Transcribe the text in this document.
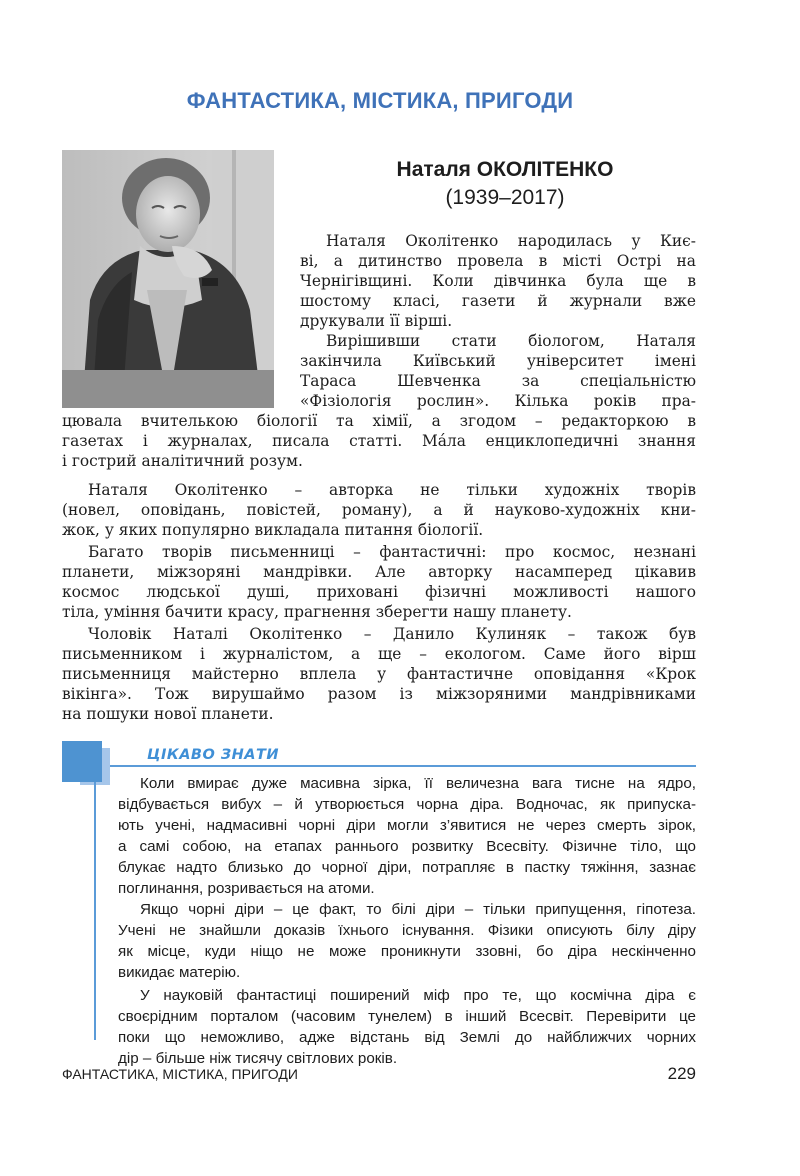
ФАНТАСТИКА, МІСТИКА, ПРИГОДИ
Наталя ОКОЛІТЕНКО
(1939–2017)
Наталя Околітенко народилась у Киє-
ві, а дитинство провела в місті Острі на
Чернігівщині. Коли дівчинка була ще в
шостому класі, газети й журнали вже
друкували її вірші.
Вирішивши стати біологом, Наталя
закінчила Київський університет імені
Тараса Шевченка за спеціальністю
«Фізіологія рослин». Кілька років пра-
цювала вчителькою біології та хімії, а згодом – редакторкою в
газетах і журналах, писала статті. Ма́ла енциклопедичні знання
і гострий аналітичний розум.
Наталя Околітенко – авторка не тільки художніх творів
(новел, оповідань, повістей, роману), а й науково-художніх кни-
жок, у яких популярно викладала питання біології.
Багато творів письменниці – фантастичні: про космос, незнані
планети, міжзоряні мандрівки. Але авторку насамперед цікавив
космос людської душі, приховані фізичні можливості нашого
тіла, уміння бачити красу, прагнення зберегти нашу планету.
Чоловік Наталі Околітенко – Данило Кулиняк – також був
письменником і журналістом, а ще – екологом. Саме його вірш
письменниця майстерно вплела у фантастичне оповідання «Крок
вікінга». Тож вирушаймо разом із міжзоряними мандрівниками
на пошуки нової планети.
ЦІКАВО ЗНАТИ
Коли вмирає дуже масивна зірка, її величезна вага тисне на ядро,
відбувається вибух – й утворюється чорна діра. Водночас, як припуска-
ють учені, надмасивні чорні діри могли з’явитися не через смерть зірок,
а самі собою, на етапах раннього розвитку Всесвіту. Фізичне тіло, що
блукає надто близько до чорної діри, потрапляє в пастку тяжіння, зазнає
поглинання, розривається на атоми.
Якщо чорні діри – це факт, то білі діри – тільки припущення, гіпотеза.
Учені не знайшли доказів їхнього існування. Фізики описують білу діру
як місце, куди ніщо не може проникнути ззовні, бо діра нескінченно
викидає матерію.
У науковій фантастиці поширений міф про те, що космічна діра є
своєрідним порталом (часовим тунелем) в інший Всесвіт. Перевірити це
поки що неможливо, адже відстань від Землі до найближчих чорних
дір – більше ніж тисячу світлових років.
ФАНТАСТИКА, МІСТИКА, ПРИГОДИ	229
